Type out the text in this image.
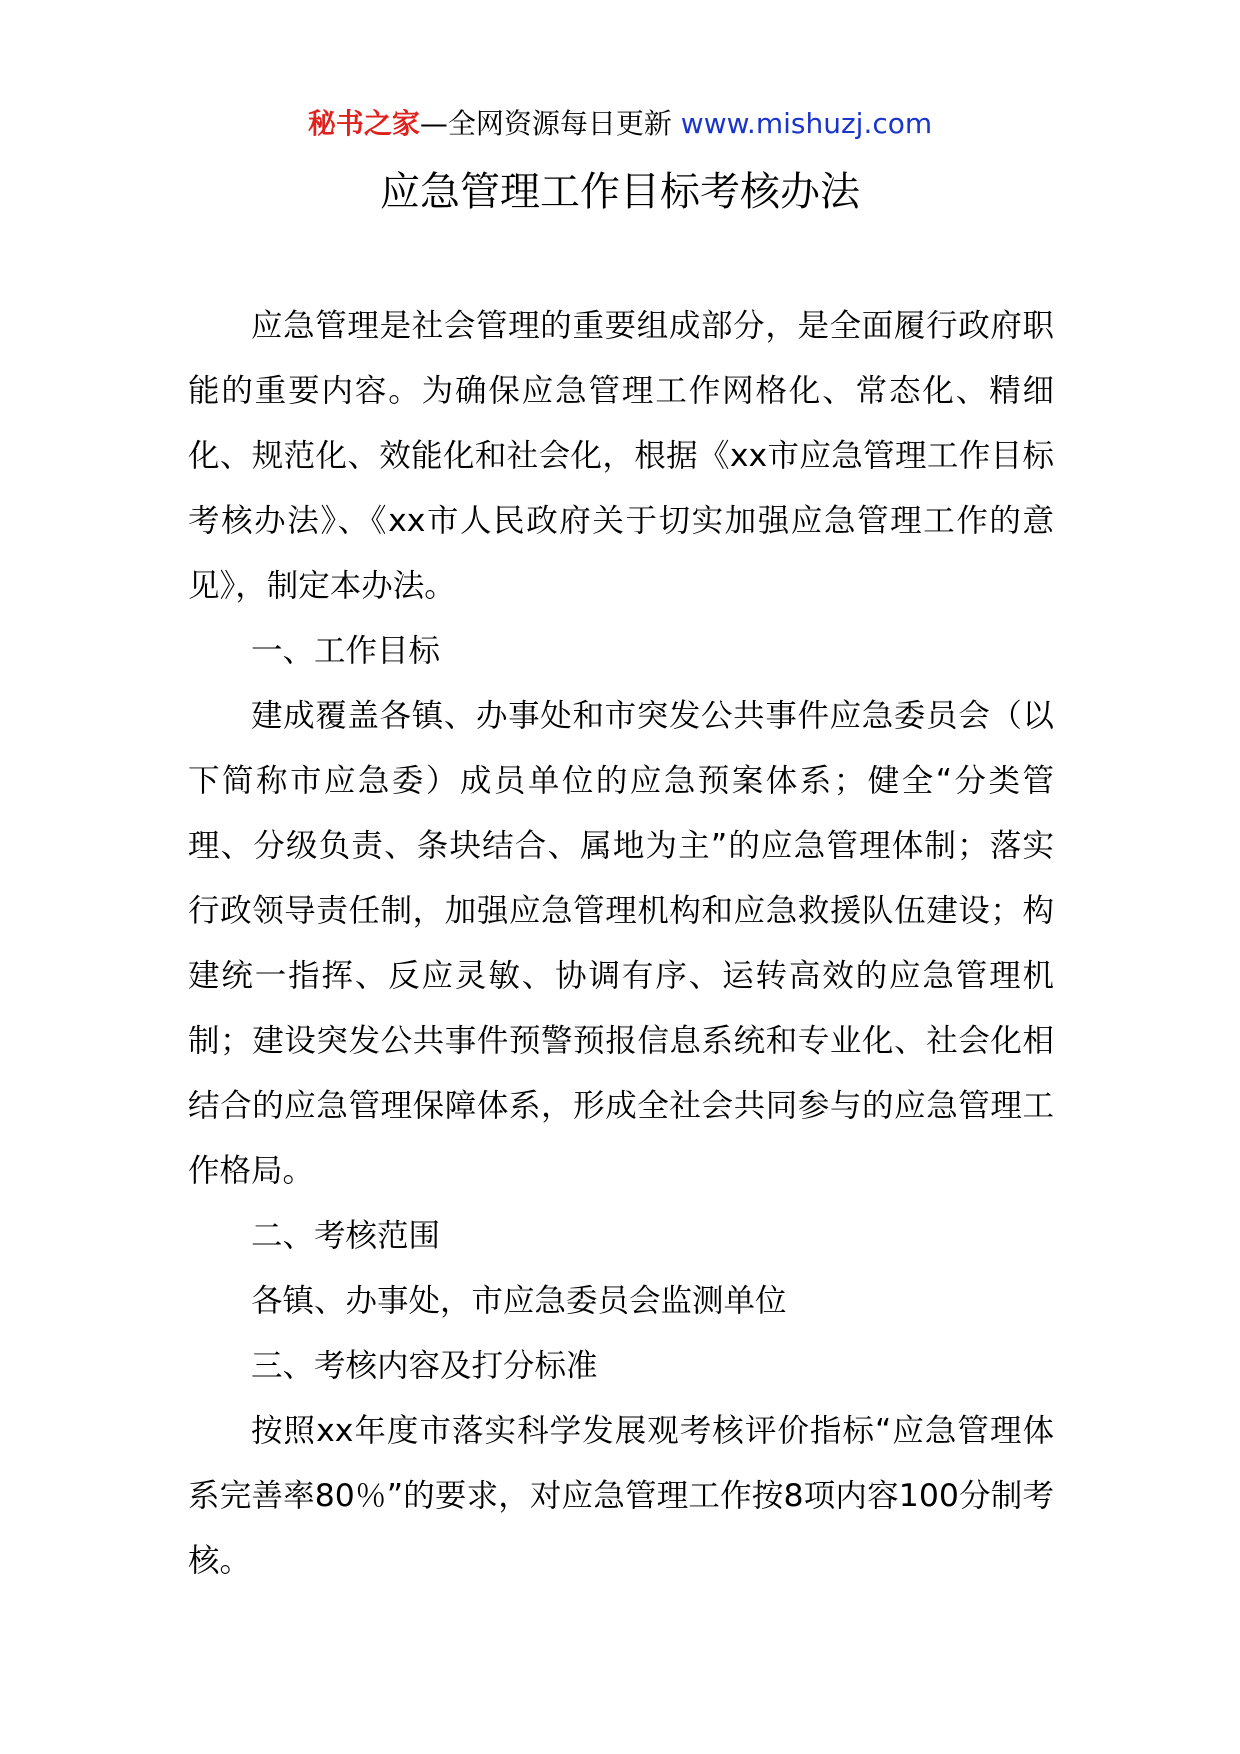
秘书之家—全网资源每日更新 www.mishuzj.com
应急管理工作目标考核办法

应急管理是社会管理的重要组成部分，是全面履行政府职能的重要内容。为确保应急管理工作网格化、常态化、精细化、规范化、效能化和社会化，根据《xx市应急管理工作目标考核办法》、《xx市人民政府关于切实加强应急管理工作的意见》，制定本办法。

一、工作目标

建成覆盖各镇、办事处和市突发公共事件应急委员会（以下简称市应急委）成员单位的应急预案体系；健全“分类管理、分级负责、条块结合、属地为主”的应急管理体制；落实行政领导责任制，加强应急管理机构和应急救援队伍建设；构建统一指挥、反应灵敏、协调有序、运转高效的应急管理机制；建设突发公共事件预警预报信息系统和专业化、社会化相结合的应急管理保障体系，形成全社会共同参与的应急管理工作格局。

二、考核范围

各镇、办事处，市应急委员会监测单位

三、考核内容及打分标准

按照xx年度市落实科学发展观考核评价指标“应急管理体系完善率80％”的要求，对应急管理工作按8项内容100分制考核。
